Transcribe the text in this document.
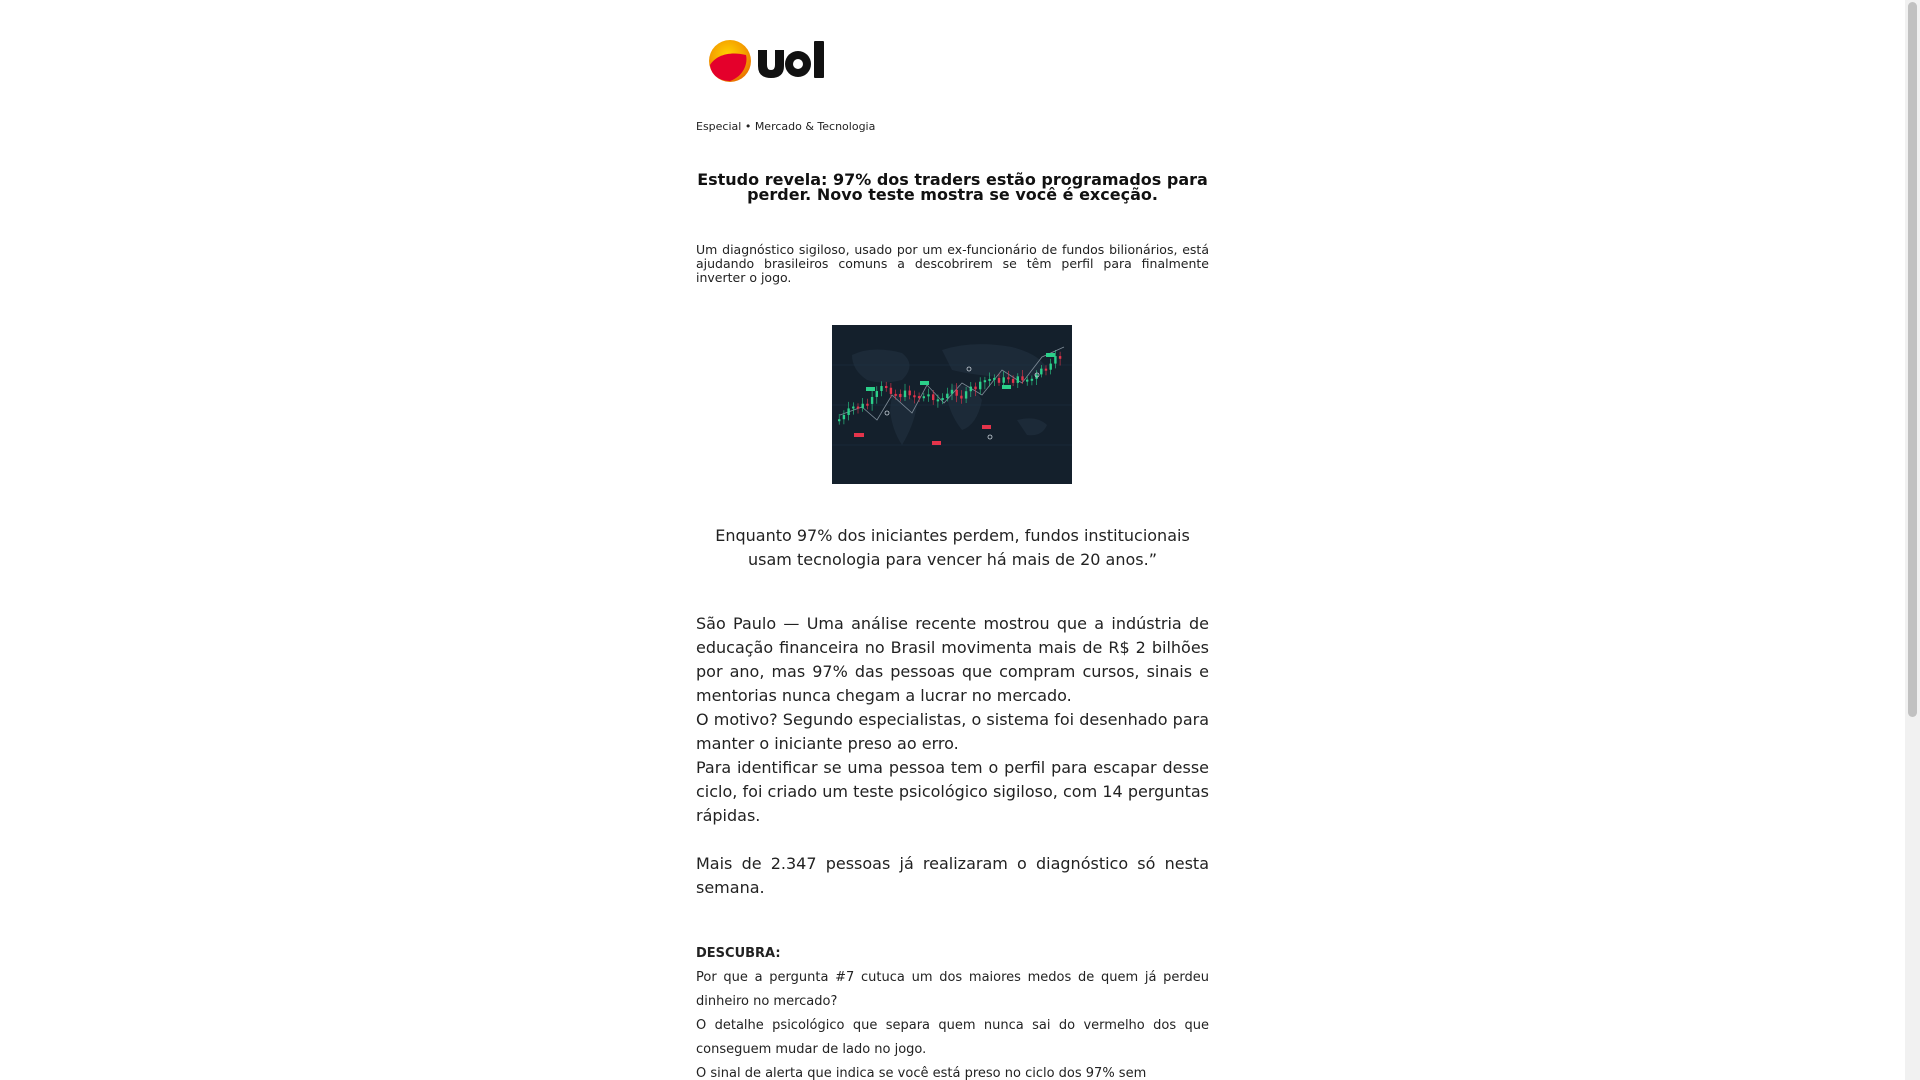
Especial • Mercado & Tecnologia
Estudo revela: 97% dos traders estão programados para perder. Novo teste mostra se você é exceção.

Um diagnóstico sigiloso, usado por um ex-funcionário de fundos bilionários, está ajudando brasileiros comuns a descobrirem se têm perfil para finalmente inverter o jogo.

Enquanto 97% dos iniciantes perdem, fundos institucionais usam tecnologia para vencer há mais de 20 anos.”

São Paulo — Uma análise recente mostrou que a indústria de educação financeira no Brasil movimenta mais de R$ 2 bilhões por ano, mas 97% das pessoas que compram cursos, sinais e mentorias nunca chegam a lucrar no mercado.

O motivo? Segundo especialistas, o sistema foi desenhado para manter o iniciante preso ao erro.

Para identificar se uma pessoa tem o perfil para escapar desse ciclo, foi criado um teste psicológico sigiloso, com 14 perguntas rápidas.

Mais de 2.347 pessoas já realizaram o diagnóstico só nesta semana.

DESCUBRA:

Por que a pergunta #7 cutuca um dos maiores medos de quem já perdeu dinheiro no mercado?

O detalhe psicológico que separa quem nunca sai do vermelho dos que conseguem mudar de lado no jogo.

O sinal de alerta que indica se você está preso no ciclo dos 97% sem
